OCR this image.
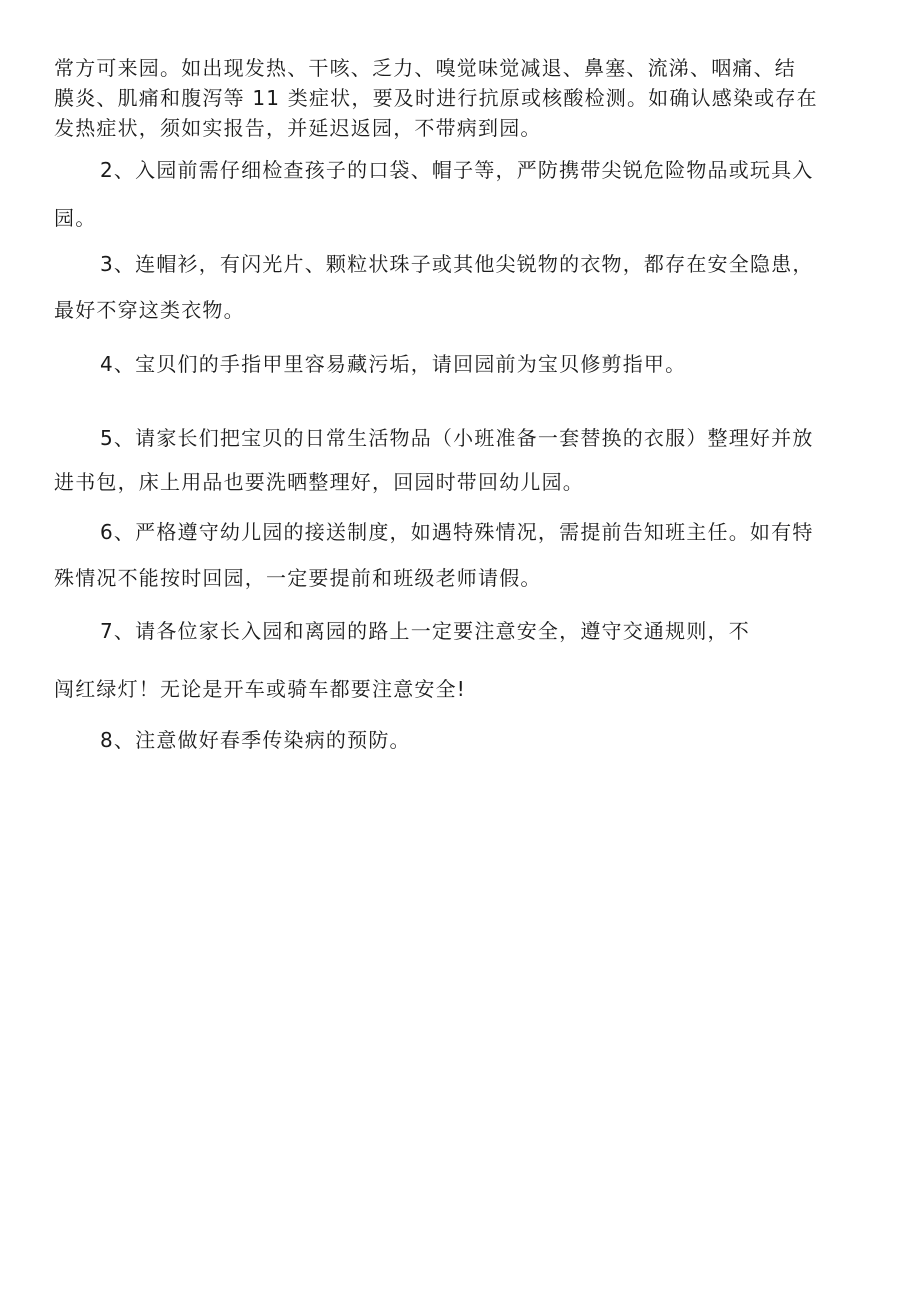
常方可来园。如出现发热、干咳、乏力、嗅觉味觉减退、鼻塞、流涕、咽痛、结
膜炎、肌痛和腹泻等 11 类症状，要及时进行抗原或核酸检测。如确认感染或存在
发热症状，须如实报告，并延迟返园，不带病到园。
2、入园前需仔细检查孩子的口袋、帽子等，严防携带尖锐危险物品或玩具入
园。
3、连帽衫，有闪光片、颗粒状珠子或其他尖锐物的衣物，都存在安全隐患，
最好不穿这类衣物。
4、宝贝们的手指甲里容易藏污垢，请回园前为宝贝修剪指甲。
5、请家长们把宝贝的日常生活物品（小班准备一套替换的衣服）整理好并放
进书包，床上用品也要洗晒整理好，回园时带回幼儿园。
6、严格遵守幼儿园的接送制度，如遇特殊情况，需提前告知班主任。如有特
殊情况不能按时回园，一定要提前和班级老师请假。
7、请各位家长入园和离园的路上一定要注意安全，遵守交通规则，不
闯红绿灯！无论是开车或骑车都要注意安全!
8、注意做好春季传染病的预防。
